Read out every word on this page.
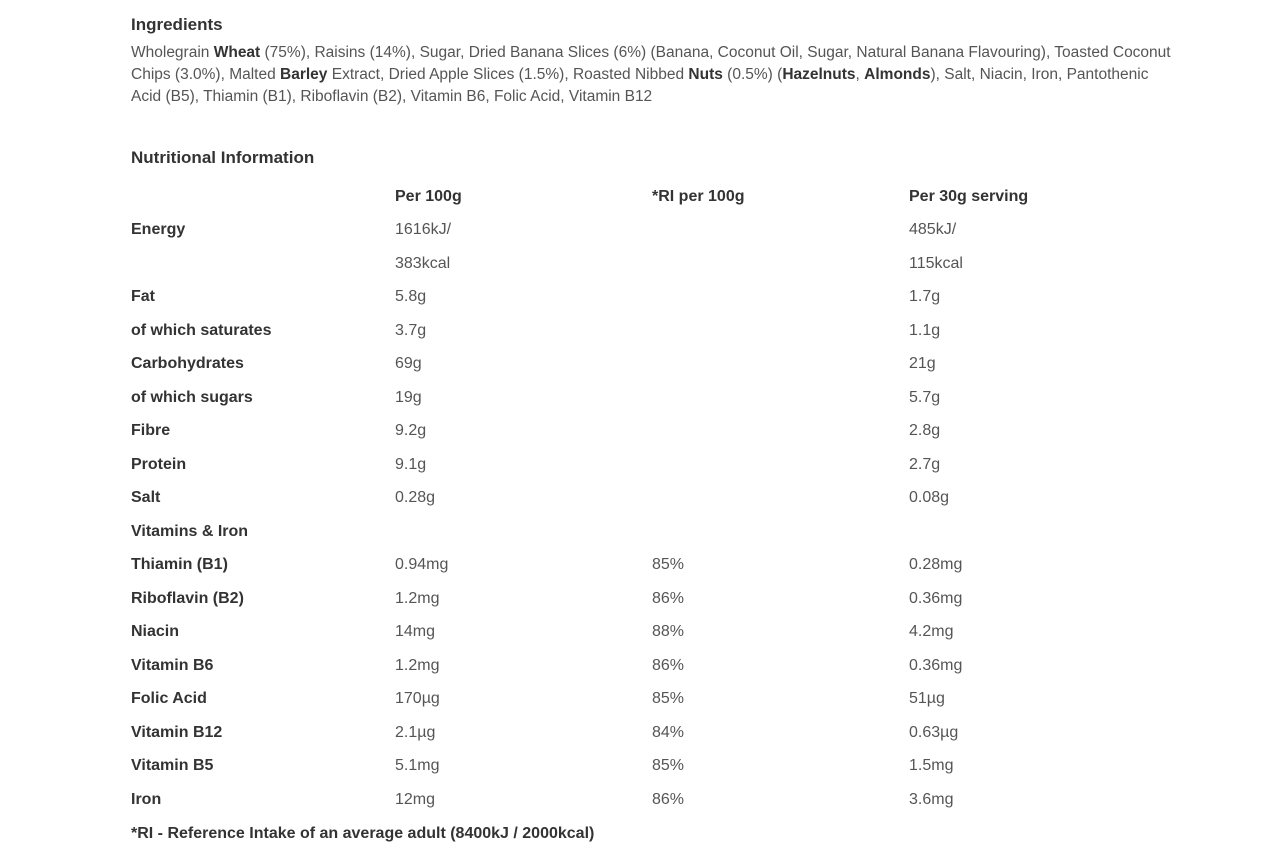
Ingredients
Wholegrain Wheat (75%), Raisins (14%), Sugar, Dried Banana Slices (6%) (Banana, Coconut Oil, Sugar, Natural Banana Flavouring), Toasted Coconut Chips (3.0%), Malted Barley Extract, Dried Apple Slices (1.5%), Roasted Nibbed Nuts (0.5%) (Hazelnuts, Almonds), Salt, Niacin, Iron, Pantothenic Acid (B5), Thiamin (B1), Riboflavin (B2), Vitamin B6, Folic Acid, Vitamin B12
Nutritional Information
	Per 100g	*RI per 100g	Per 30g serving
Energy	1616kJ/		485kJ/
	383kcal		115kcal
Fat	5.8g		1.7g
of which saturates	3.7g		1.1g
Carbohydrates	69g		21g
of which sugars	19g		5.7g
Fibre	9.2g		2.8g
Protein	9.1g		2.7g
Salt	0.28g		0.08g
Vitamins & Iron			
Thiamin (B1)	0.94mg	85%	0.28mg
Riboflavin (B2)	1.2mg	86%	0.36mg
Niacin	14mg	88%	4.2mg
Vitamin B6	1.2mg	86%	0.36mg
Folic Acid	170µg	85%	51µg
Vitamin B12	2.1µg	84%	0.63µg
Vitamin B5	5.1mg	85%	1.5mg
Iron	12mg	86%	3.6mg
*RI - Reference Intake of an average adult (8400kJ / 2000kcal)
